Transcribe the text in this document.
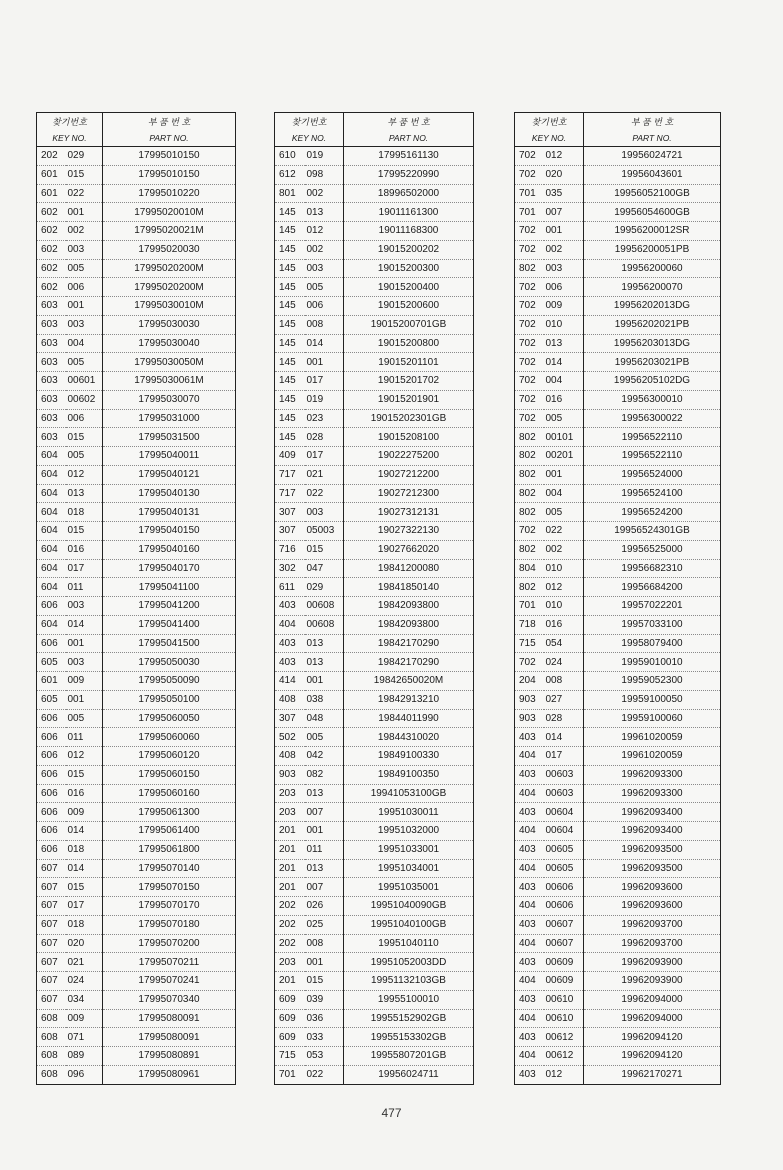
찾기번호		부 품 번 호
KEY NO.		PART NO.
202	029	17995010150
601	015	17995010150
601	022	17995010220
602	001	17995020010M
602	002	17995020021M
602	003	17995020030
602	005	17995020200M
602	006	17995020200M
603	001	17995030010M
603	003	17995030030
603	004	17995030040
603	005	17995030050M
603	00601	17995030061M
603	00602	17995030070
603	006	17995031000
603	015	17995031500
604	005	17995040011
604	012	17995040121
604	013	17995040130
604	018	17995040131
604	015	17995040150
604	016	17995040160
604	017	17995040170
604	011	17995041100
606	003	17995041200
604	014	17995041400
606	001	17995041500
605	003	17995050030
601	009	17995050090
605	001	17995050100
606	005	17995060050
606	011	17995060060
606	012	17995060120
606	015	17995060150
606	016	17995060160
606	009	17995061300
606	014	17995061400
606	018	17995061800
607	014	17995070140
607	015	17995070150
607	017	17995070170
607	018	17995070180
607	020	17995070200
607	021	17995070211
607	024	17995070241
607	034	17995070340
608	009	17995080091
608	071	17995080091
608	089	17995080891
608	096	17995080961
찾기번호		부 품 번 호
KEY NO.		PART NO.
610	019	17995161130
612	098	17995220990
801	002	18996502000
145	013	19011161300
145	012	19011168300
145	002	19015200202
145	003	19015200300
145	005	19015200400
145	006	19015200600
145	008	19015200701GB
145	014	19015200800
145	001	19015201101
145	017	19015201702
145	019	19015201901
145	023	19015202301GB
145	028	19015208100
409	017	19022275200
717	021	19027212200
717	022	19027212300
307	003	19027312131
307	05003	19027322130
716	015	19027662020
302	047	19841200080
611	029	19841850140
403	00608	19842093800
404	00608	19842093800
403	013	19842170290
403	013	19842170290
414	001	19842650020M
408	038	19842913210
307	048	19844011990
502	005	19844310020
408	042	19849100330
903	082	19849100350
203	013	19941053100GB
203	007	19951030011
201	001	19951032000
201	011	19951033001
201	013	19951034001
201	007	19951035001
202	026	19951040090GB
202	025	19951040100GB
202	008	19951040110
203	001	19951052003DD
201	015	19951132103GB
609	039	19955100010
609	036	19955152902GB
609	033	19955153302GB
715	053	19955807201GB
701	022	19956024711
찾기번호		부 품 번 호
KEY NO.		PART NO.
702	012	19956024721
702	020	19956043601
701	035	19956052100GB
701	007	19956054600GB
702	001	19956200012SR
702	002	19956200051PB
802	003	19956200060
702	006	19956200070
702	009	19956202013DG
702	010	19956202021PB
702	013	19956203013DG
702	014	19956203021PB
702	004	19956205102DG
702	016	19956300010
702	005	19956300022
802	00101	19956522110
802	00201	19956522110
802	001	19956524000
802	004	19956524100
802	005	19956524200
702	022	19956524301GB
802	002	19956525000
804	010	19956682310
802	012	19956684200
701	010	19957022201
718	016	19957033100
715	054	19958079400
702	024	19959010010
204	008	19959052300
903	027	19959100050
903	028	19959100060
403	014	19961020059
404	017	19961020059
403	00603	19962093300
404	00603	19962093300
403	00604	19962093400
404	00604	19962093400
403	00605	19962093500
404	00605	19962093500
403	00606	19962093600
404	00606	19962093600
403	00607	19962093700
404	00607	19962093700
403	00609	19962093900
404	00609	19962093900
403	00610	19962094000
404	00610	19962094000
403	00612	19962094120
404	00612	19962094120
403	012	19962170271
477
